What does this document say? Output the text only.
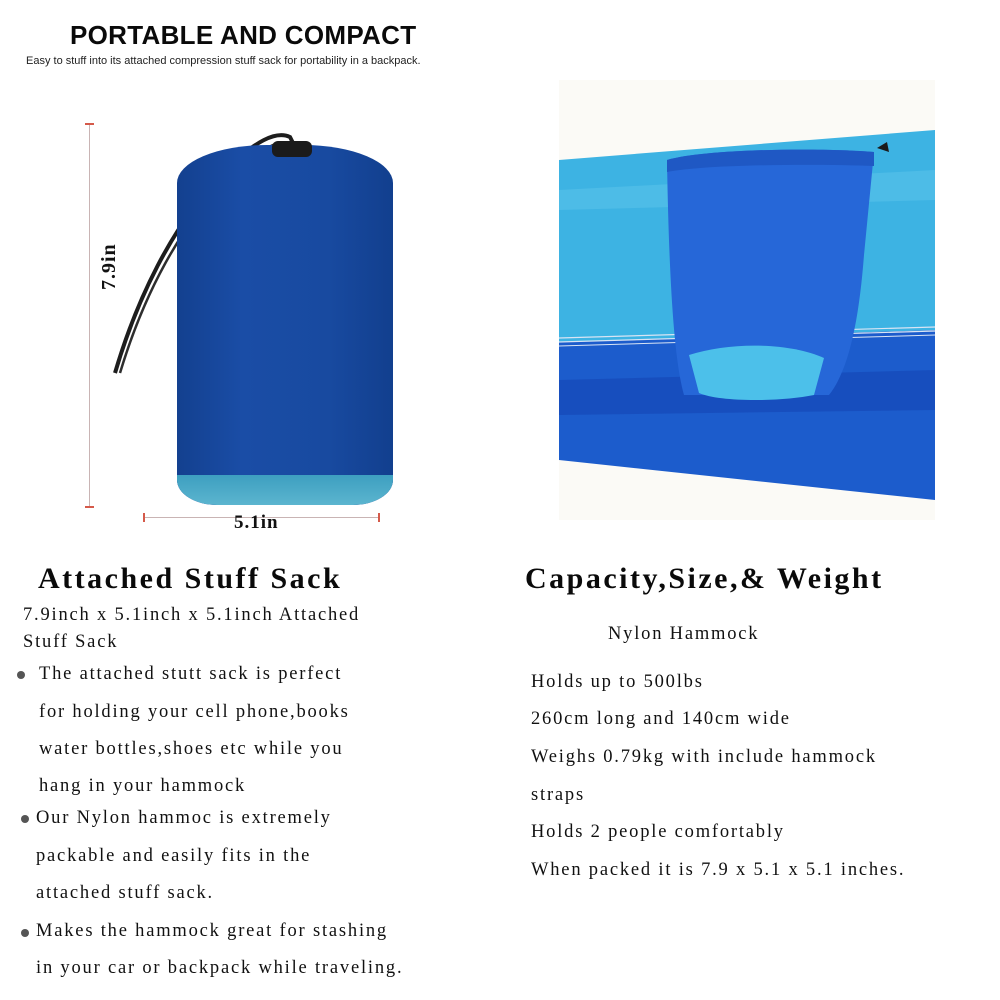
PORTABLE AND COMPACT
Easy to stuff into its attached compression stuff sack for portability in a backpack.
7.9in
5.1in
Attached Stuff Sack
7.9inch x 5.1inch x 5.1inch Attached
Stuff Sack
The attached stutt sack is perfect
for holding your cell phone,books
water bottles,shoes etc while you
hang in your hammock
Our Nylon hammoc is extremely
packable and easily fits in the
attached stuff sack.
Makes the hammock great for stashing
in your car or backpack while traveling.
Capacity,Size,& Weight
Nylon Hammock
Holds up to 500lbs
260cm long and 140cm wide
Weighs 0.79kg with include hammock
straps
Holds 2 people comfortably
When packed it is 7.9 x 5.1 x 5.1 inches.
